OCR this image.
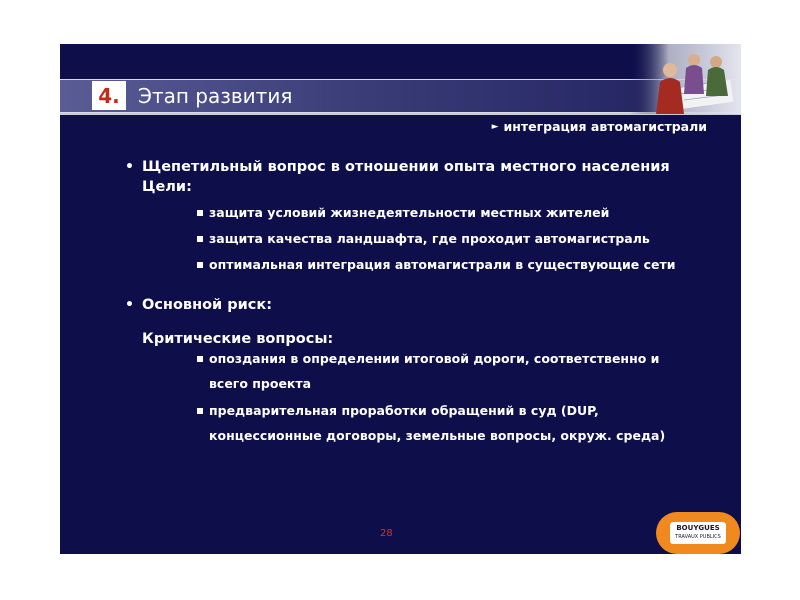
4. Этап развития
► интеграция автомагистрали
• Щепетильный вопрос в отношении опыта местного населения
Цели:
защита условий жизнедеятельности местных жителей
защита качества ландшафта, где проходит автомагистраль
оптимальная интеграция автомагистрали в существующие сети
• Основной риск:
Критические вопросы:
опоздания в определении итоговой дороги, соответственно и
всего проекта
предварительная проработки обращений в суд (DUP,
концессионные договоры, земельные вопросы, окруж. среда)
28	BOUYGUES
TRAVAUX PUBLICS
